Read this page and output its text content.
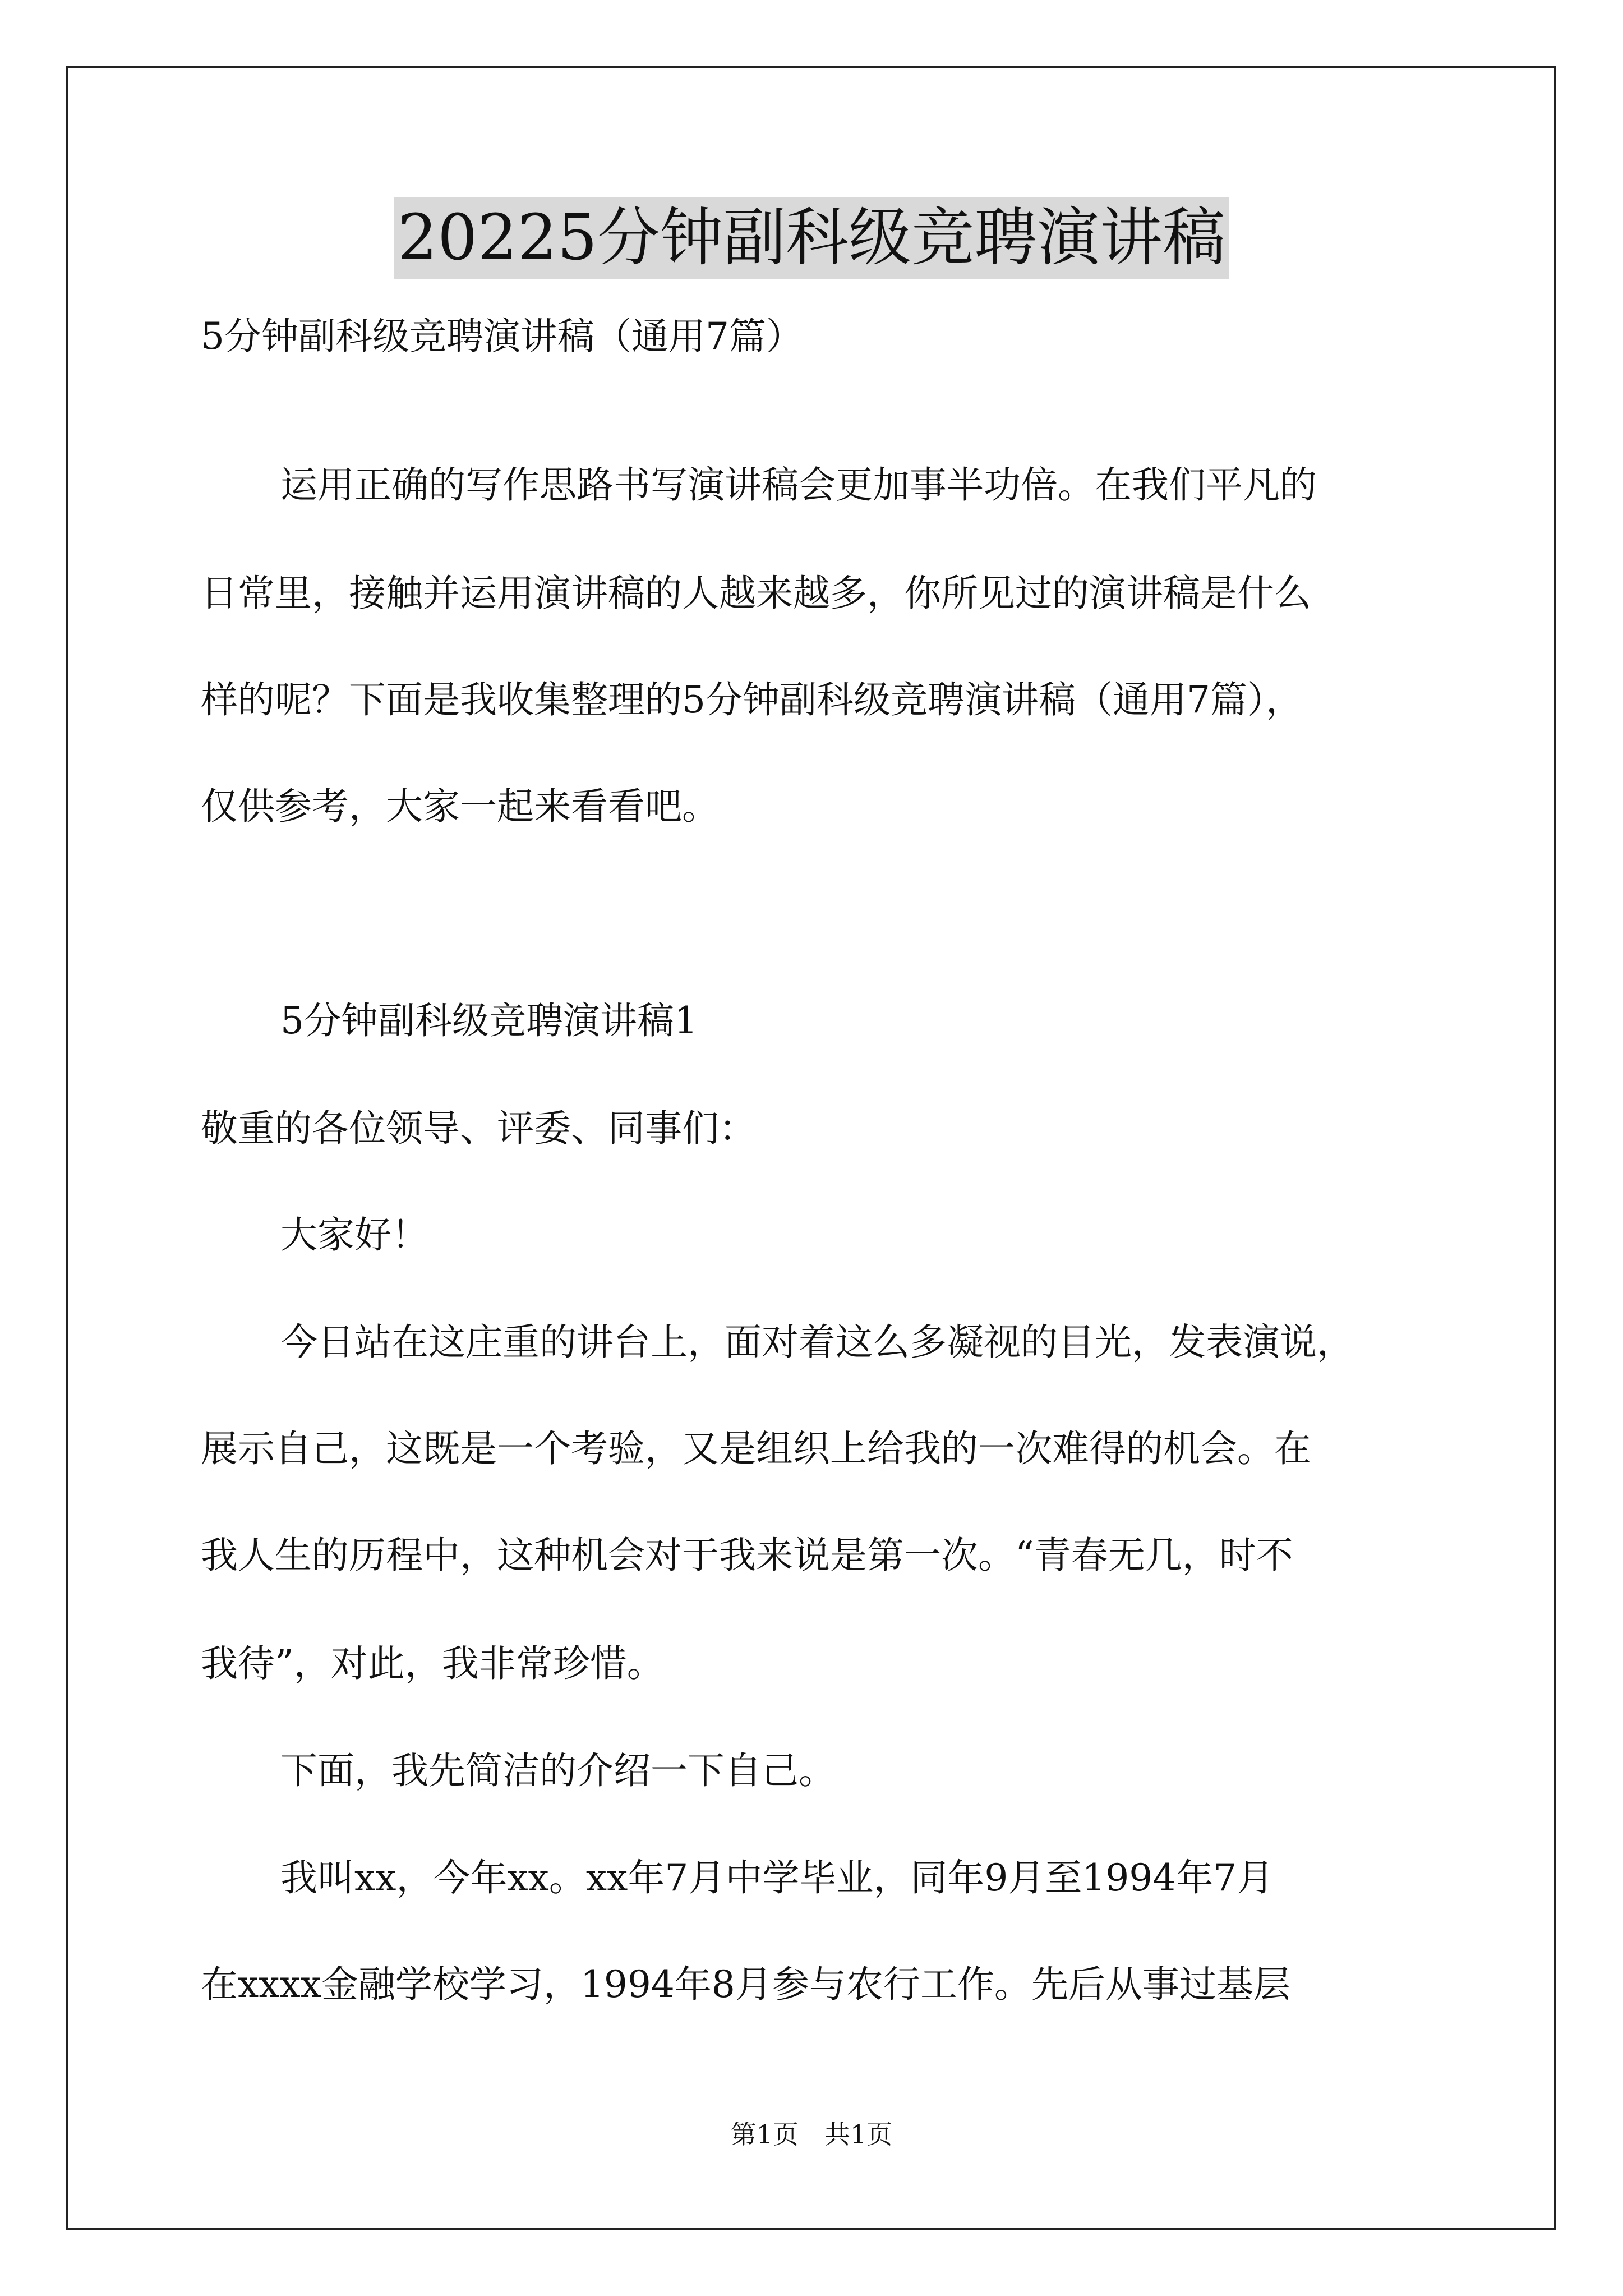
20225分钟副科级竞聘演讲稿
5分钟副科级竞聘演讲稿（通用7篇）
运用正确的写作思路书写演讲稿会更加事半功倍。在我们平凡的
日常里，接触并运用演讲稿的人越来越多，你所见过的演讲稿是什么
样的呢？下面是我收集整理的5分钟副科级竞聘演讲稿（通用7篇），
仅供参考，大家一起来看看吧。
5分钟副科级竞聘演讲稿1
敬重的各位领导、评委、同事们：
大家好！
今日站在这庄重的讲台上，面对着这么多凝视的目光，发表演说，
展示自己，这既是一个考验，又是组织上给我的一次难得的机会。在
我人生的历程中，这种机会对于我来说是第一次。“青春无几，时不
我待”，对此，我非常珍惜。
下面，我先简洁的介绍一下自己。
我叫xx，今年xx。xx年7月中学毕业，同年9月至1994年7月
在xxxx金融学校学习，1994年8月参与农行工作。先后从事过基层
第1页　共1页
